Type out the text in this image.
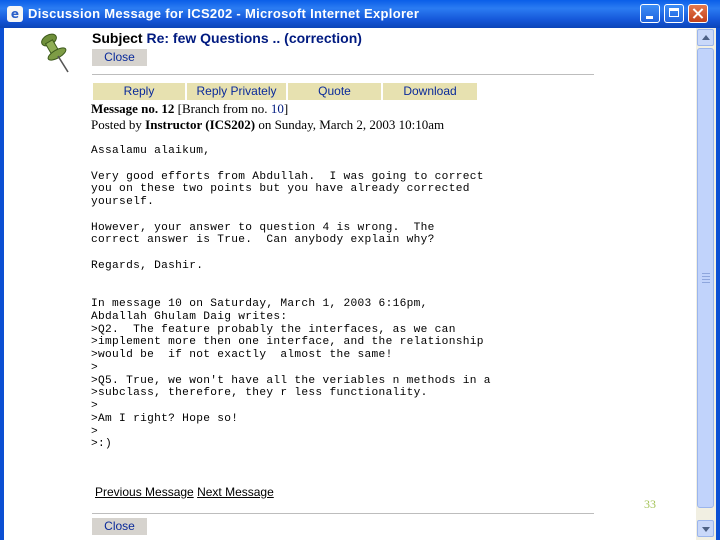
e Discussion Message for ICS202 - Microsoft Internet Explorer
Subject Re: few Questions .. (correction)
Close
Reply	Reply Privately	Quote	Download
Message no. 12 [Branch from no. 10]
Posted by Instructor (ICS202) on Sunday, March 2, 2003 10:10am
Assalamu alaikum,

Very good efforts from Abdullah.  I was going to correct
you on these two points but you have already corrected
yourself.

However, your answer to question 4 is wrong.  The
correct answer is True.  Can anybody explain why?

Regards, Dashir.

In message 10 on Saturday, March 1, 2003 6:16pm,
Abdallah Ghulam Daig writes:
>Q2.  The feature probably the interfaces, as we can
>implement more then one interface, and the relationship
>would be  if not exactly  almost the same!
>
>Q5. True, we won't have all the veriables n methods in a
>subclass, therefore, they r less functionality.
>
>Am I right? Hope so!
>
>:)
Previous Message Next Message
Close
33
